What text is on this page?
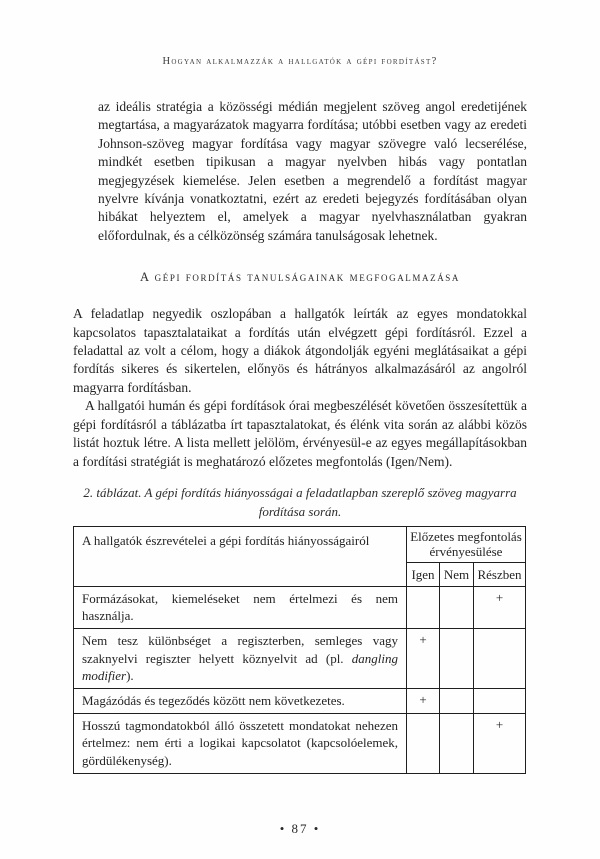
Hogyan alkalmazzák a hallgatók a gépi fordítást?

az ideális stratégia a közösségi médián megjelent szöveg angol eredetijének megtartása, a magyarázatok magyarra fordítása; utóbbi esetben vagy az eredeti Johnson-szöveg magyar fordítása vagy magyar szövegre való lecserélése, mindkét esetben tipikusan a magyar nyelvben hibás vagy pontatlan megjegyzések kiemelése. Jelen esetben a megrendelő a fordítást magyar nyelvre kívánja vonatkoztatni, ezért az eredeti bejegyzés fordításában olyan hibákat helyeztem el, amelyek a magyar nyelvhasználatban gyakran előfordulnak, és a célközönség számára tanulságosak lehetnek.

A gépi fordítás tanulságainak megfogalmazása

A feladatlap negyedik oszlopában a hallgatók leírták az egyes mondatokkal kapcsolatos tapasztalataikat a fordítás után elvégzett gépi fordításról. Ezzel a feladattal az volt a célom, hogy a diákok átgondolják egyéni meglátásaikat a gépi fordítás sikeres és sikertelen, előnyös és hátrányos alkalmazásáról az angolról magyarra fordításban.

A hallgatói humán és gépi fordítások órai megbeszélését követően összesítettük a gépi fordításról a táblázatba írt tapasztalatokat, és élénk vita során az alábbi közös listát hoztuk létre. A lista mellett jelölöm, érvényesül-e az egyes megállapításokban a fordítási stratégiát is meghatározó előzetes megfontolás (Igen/Nem).

2. táblázat. A gépi fordítás hiányosságai a feladatlapban szereplő szöveg magyarra fordítása során.
A hallgatók észrevételei a gépi fordítás hiányosságairól	Előzetes megfontolás érvényesülése		
	Igen	Nem	Részben
Formázásokat, kiemeléseket nem értelmezi és nem használja.			+
Nem tesz különbséget a regiszterben, semleges vagy szaknyelvi regiszter helyett köznyelvit ad (pl. dangling modifier).	+		
Magázódás és tegeződés között nem következetes.	+		
Hosszú tagmondatokból álló összetett mondatokat nehezen értelmez: nem érti a logikai kapcsolatot (kapcsolóelemek, gördülékenység).			+
• 87 •
